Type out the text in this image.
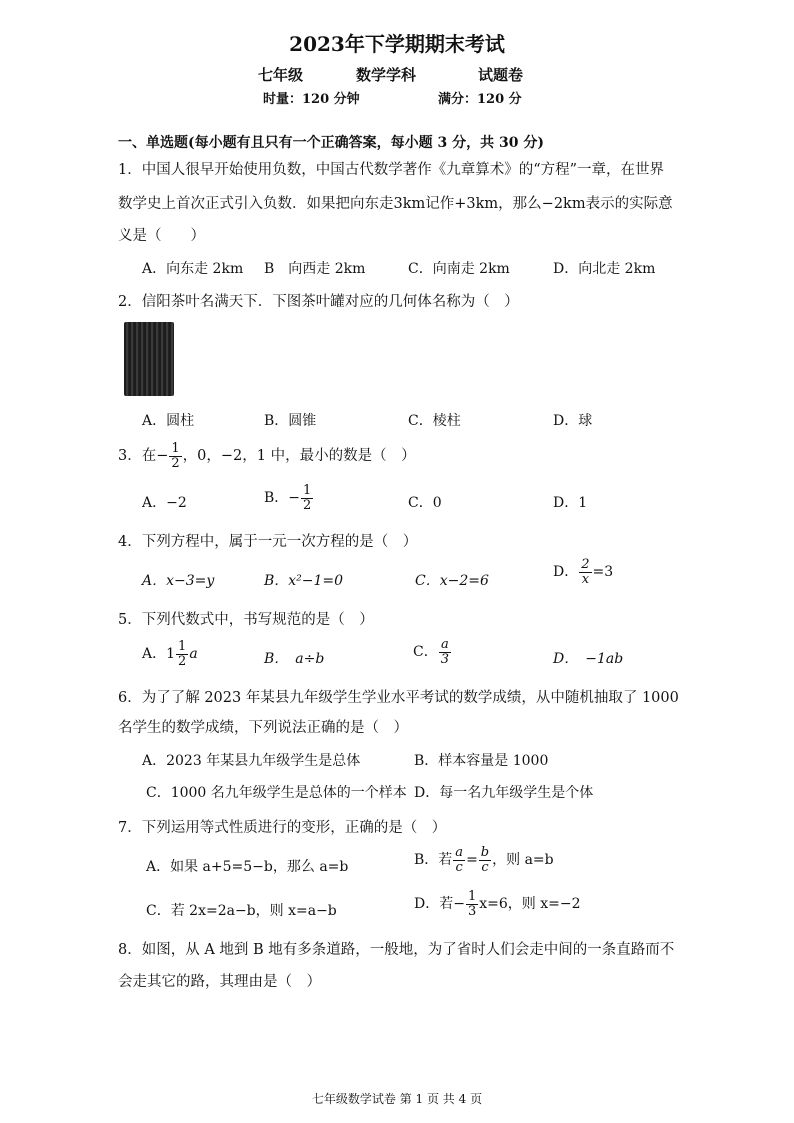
2023年下学期期末考试
七年级	数学学科	试题卷
时量：120 分钟	满分：120 分
一、单选题(每小题有且只有一个正确答案，每小题 3 分，共 30 分)
1．中国人很早开始使用负数，中国古代数学著作《九章算术》的“方程”一章，在世界
数学史上首次正式引入负数．如果把向东走3km记作+3km，那么−2km表示的实际意
义是（　　）
A．向东走 2km B　向西走 2km	C．向南走 2km	D．向北走 2km
2．信阳茶叶名满天下．下图茶叶罐对应的几何体名称为（　）
A．圆柱	B．圆锥	C．棱柱	D．球
3．在− $\frac{1}{2}$ ，0，−2，1 中，最小的数是（　）
A．−2	B．− $\frac{1}{2}$	C．0	D．1
4．下列方程中，属于一元一次方程的是（　）
A．x−3=y	B．x²−1=0	C．x−2=6
D． $\frac{2}{x} =3$
5．下列代数式中，书写规范的是（　）
A．$1 \frac{1}{2}$ a	B．　a÷b	C． $\frac{a}{3}$	D．　−1ab
6．为了了解 2023 年某县九年级学生学业水平考试的数学成绩，从中随机抽取了 1000
名学生的数学成绩，下列说法正确的是（　）
A．2023 年某县九年级学生是总体	B．样本容量是 1000
C．1000 名九年级学生是总体的一个样本 D．每一名九年级学生是个体
7．下列运用等式性质进行的变形，正确的是（　）
A．如果 a+5=5−b，那么 a=b	B．若 $\frac{a}{c} = \frac{b}{c}$ ，则 a=b
C．若 2x=2a−b，则 x=a−b	D．若− $\frac{1}{3} x=6$，则 x=−2
8．如图，从 A 地到 B 地有多条道路，一般地，为了省时人们会走中间的一条直路而不
会走其它的路，其理由是（　）
七年级数学试卷 第 1 页 共 4 页
